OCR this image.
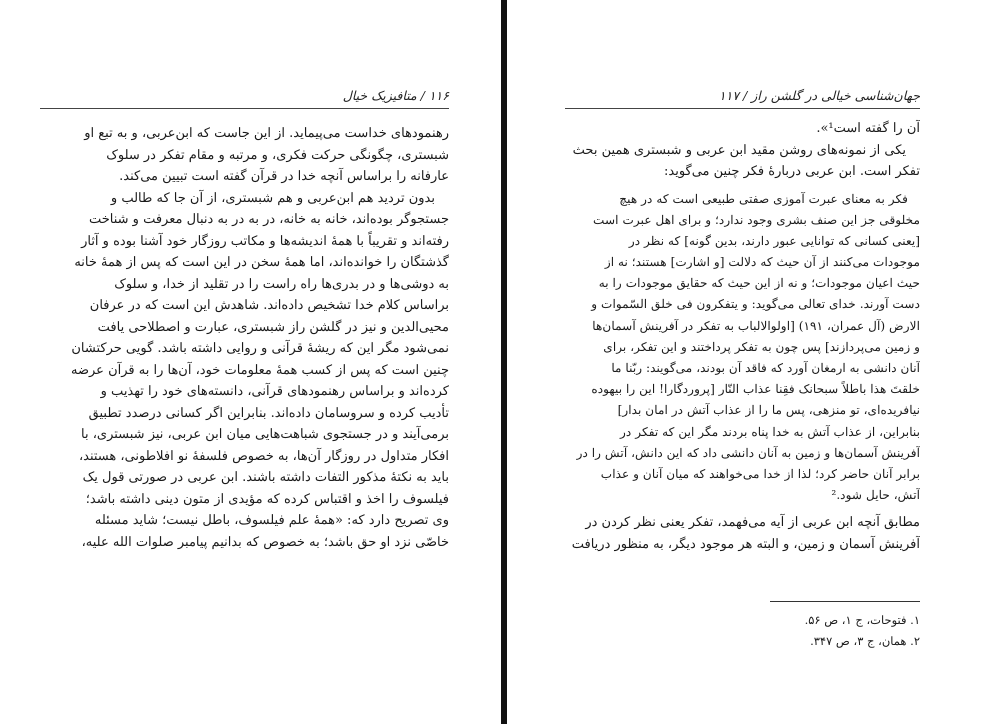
۱۱۶ / متافیزیک خیال
رهنمودهای خداست می‌پیماید. از این جاست که ابن‌عربی، و به تبع او
شبستری، چگونگی حرکت فکری، و مرتبه و مقام تفکر در سلوک
عارفانه را براساس آنچه خدا در قرآن گفته است تبیین می‌کند.
بدون تردید هم ابن‌عربی و هم شبستری، از آن جا که طالب و
جستجوگر بوده‌اند، خانه به خانه، در به در به دنبال معرفت و شناخت
رفته‌اند و تقریباً با همهٔ اندیشه‌ها و مکاتب روزگار خود آشنا بوده و آثار
گذشتگان را خوانده‌اند، اما همهٔ سخن در این است که پس از همهٔ خانه
به دوشی‌ها و در بدری‌ها راه راست را در تقلید از خدا، و سلوک
براساس کلام خدا تشخیص داده‌اند. شاهدش این است که در عرفان
محیی‌الدین و نیز در گلشن راز شبستری، عبارت و اصطلاحی یافت
نمی‌شود مگر این که ریشهٔ قرآنی و روایی داشته باشد. گویی حرکتشان
چنین است که پس از کسب همهٔ معلومات خود، آن‌ها را به قرآن عرضه
کرده‌اند و براساس رهنمودهای قرآنی، دانسته‌های خود را تهذیب و
تأدیب کرده و سروسامان داده‌اند. بنابراین اگر کسانی درصدد تطبیق
برمی‌آیند و در جستجوی شباهت‌هایی میان ابن عربی، نیز شبستری، با
افکار متداول در روزگار آن‌ها، به خصوص فلسفهٔ نو افلاطونی، هستند،
باید به نکتهٔ مذکور التفات داشته باشند. ابن عربی در صورتی قول یک
فیلسوف را اخذ و اقتباس کرده که مؤیدی از متون دینی داشته باشد؛
وی تصریح دارد که: «همهٔ علم فیلسوف، باطل نیست؛ شاید مسئله
خاصّی نزد او حق باشد؛ به خصوص که بدانیم پیامبر صلوات الله علیه،
جهان‌شناسی خیالی در گلشن راز / ۱۱۷
آن را گفته است¹».
یکی از نمونه‌های روشن مقید ابن عربی و شبستری همین بحث
تفکر است. ابن عربی دربارهٔ فکر چنین می‌گوید:
فکر به معنای عبرت آموزی صفتی طبیعی است که در هیچ
مخلوقی جز این صنف بشری وجود ندارد؛ و برای اهل عبرت است
[یعنی کسانی که توانایی عبور دارند، بدین گونه] که نظر در
موجودات می‌کنند از آن حیث که دلالت [و اشارت] هستند؛ نه از
حیث اعیان موجودات؛ و نه از این حیث که حقایق موجودات را به
دست آورند. خدای تعالی می‌گوید: و یتفکرون فی خلق السّموات و
الارض (آل عمران، ۱۹۱) [اولوالالباب به تفکر در آفرینش آسمان‌ها
و زمین می‌پردازند] پس چون به تفکر پرداختند و این تفکر، برای
آنان دانشی به ارمغان آورد که فاقد آن بودند، می‌گویند: ربّنا ما
خلقتَ هذا باطلاً سبحانک فقِنا عذاب النّار [پروردگارا! این را بیهوده
نیافریده‌ای، تو منزهی، پس ما را از عذاب آتش در امان بدار]
بنابراین، از عذاب آتش به خدا پناه بردند مگر این که تفکر در
آفرینش آسمان‌ها و زمین به آنان دانشی داد که این دانش، آتش را در
برابر آنان حاضر کرد؛ لذا از خدا می‌خواهند که میان آنان و عذاب
آتش، حایل شود.²
مطابق آنچه ابن عربی از آیه می‌فهمد، تفکر یعنی نظر کردن در
آفرینش آسمان و زمین، و البته هر موجود دیگر، به منظور دریافت
۱. فتوحات، ج ۱، ص ۵۶.
۲. همان، ج ۳، ص ۳۴۷.
